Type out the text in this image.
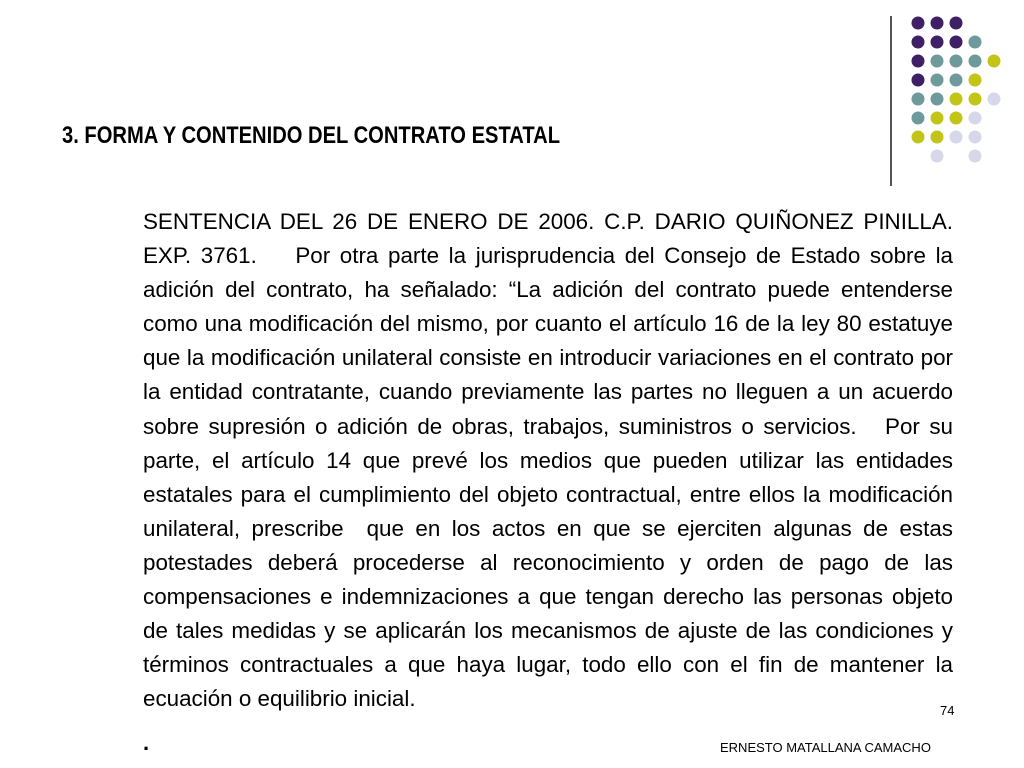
3. FORMA Y CONTENIDO DEL CONTRATO ESTATAL

SENTENCIA DEL 26 DE ENERO DE 2006. C.P. DARIO QUIÑONEZ PINILLA. EXP. 3761.    Por otra parte la jurisprudencia del Consejo de Estado sobre la adición del contrato, ha señalado: “La adición del contrato puede entenderse como una modificación del mismo, por cuanto el artículo 16 de la ley 80 estatuye que la modificación unilateral consiste en introducir variaciones en el contrato por la entidad contratante, cuando previamente las partes no lleguen a un acuerdo sobre supresión o adición de obras, trabajos, suministros o servicios.   Por su parte, el artículo 14 que prevé los medios que pueden utilizar las entidades estatales para el cumplimiento del objeto contractual, entre ellos la modificación unilateral, prescribe  que en los actos en que se ejerciten algunas de estas potestades deberá procederse al reconocimiento y orden de pago de las compensaciones e indemnizaciones a que tengan derecho las personas objeto de tales medidas y se aplicarán los mecanismos de ajuste de las condiciones y términos contractuales a que haya lugar, todo ello con el fin de mantener la ecuación o equilibrio inicial.	74
.	ERNESTO MATALLANA CAMACHO
